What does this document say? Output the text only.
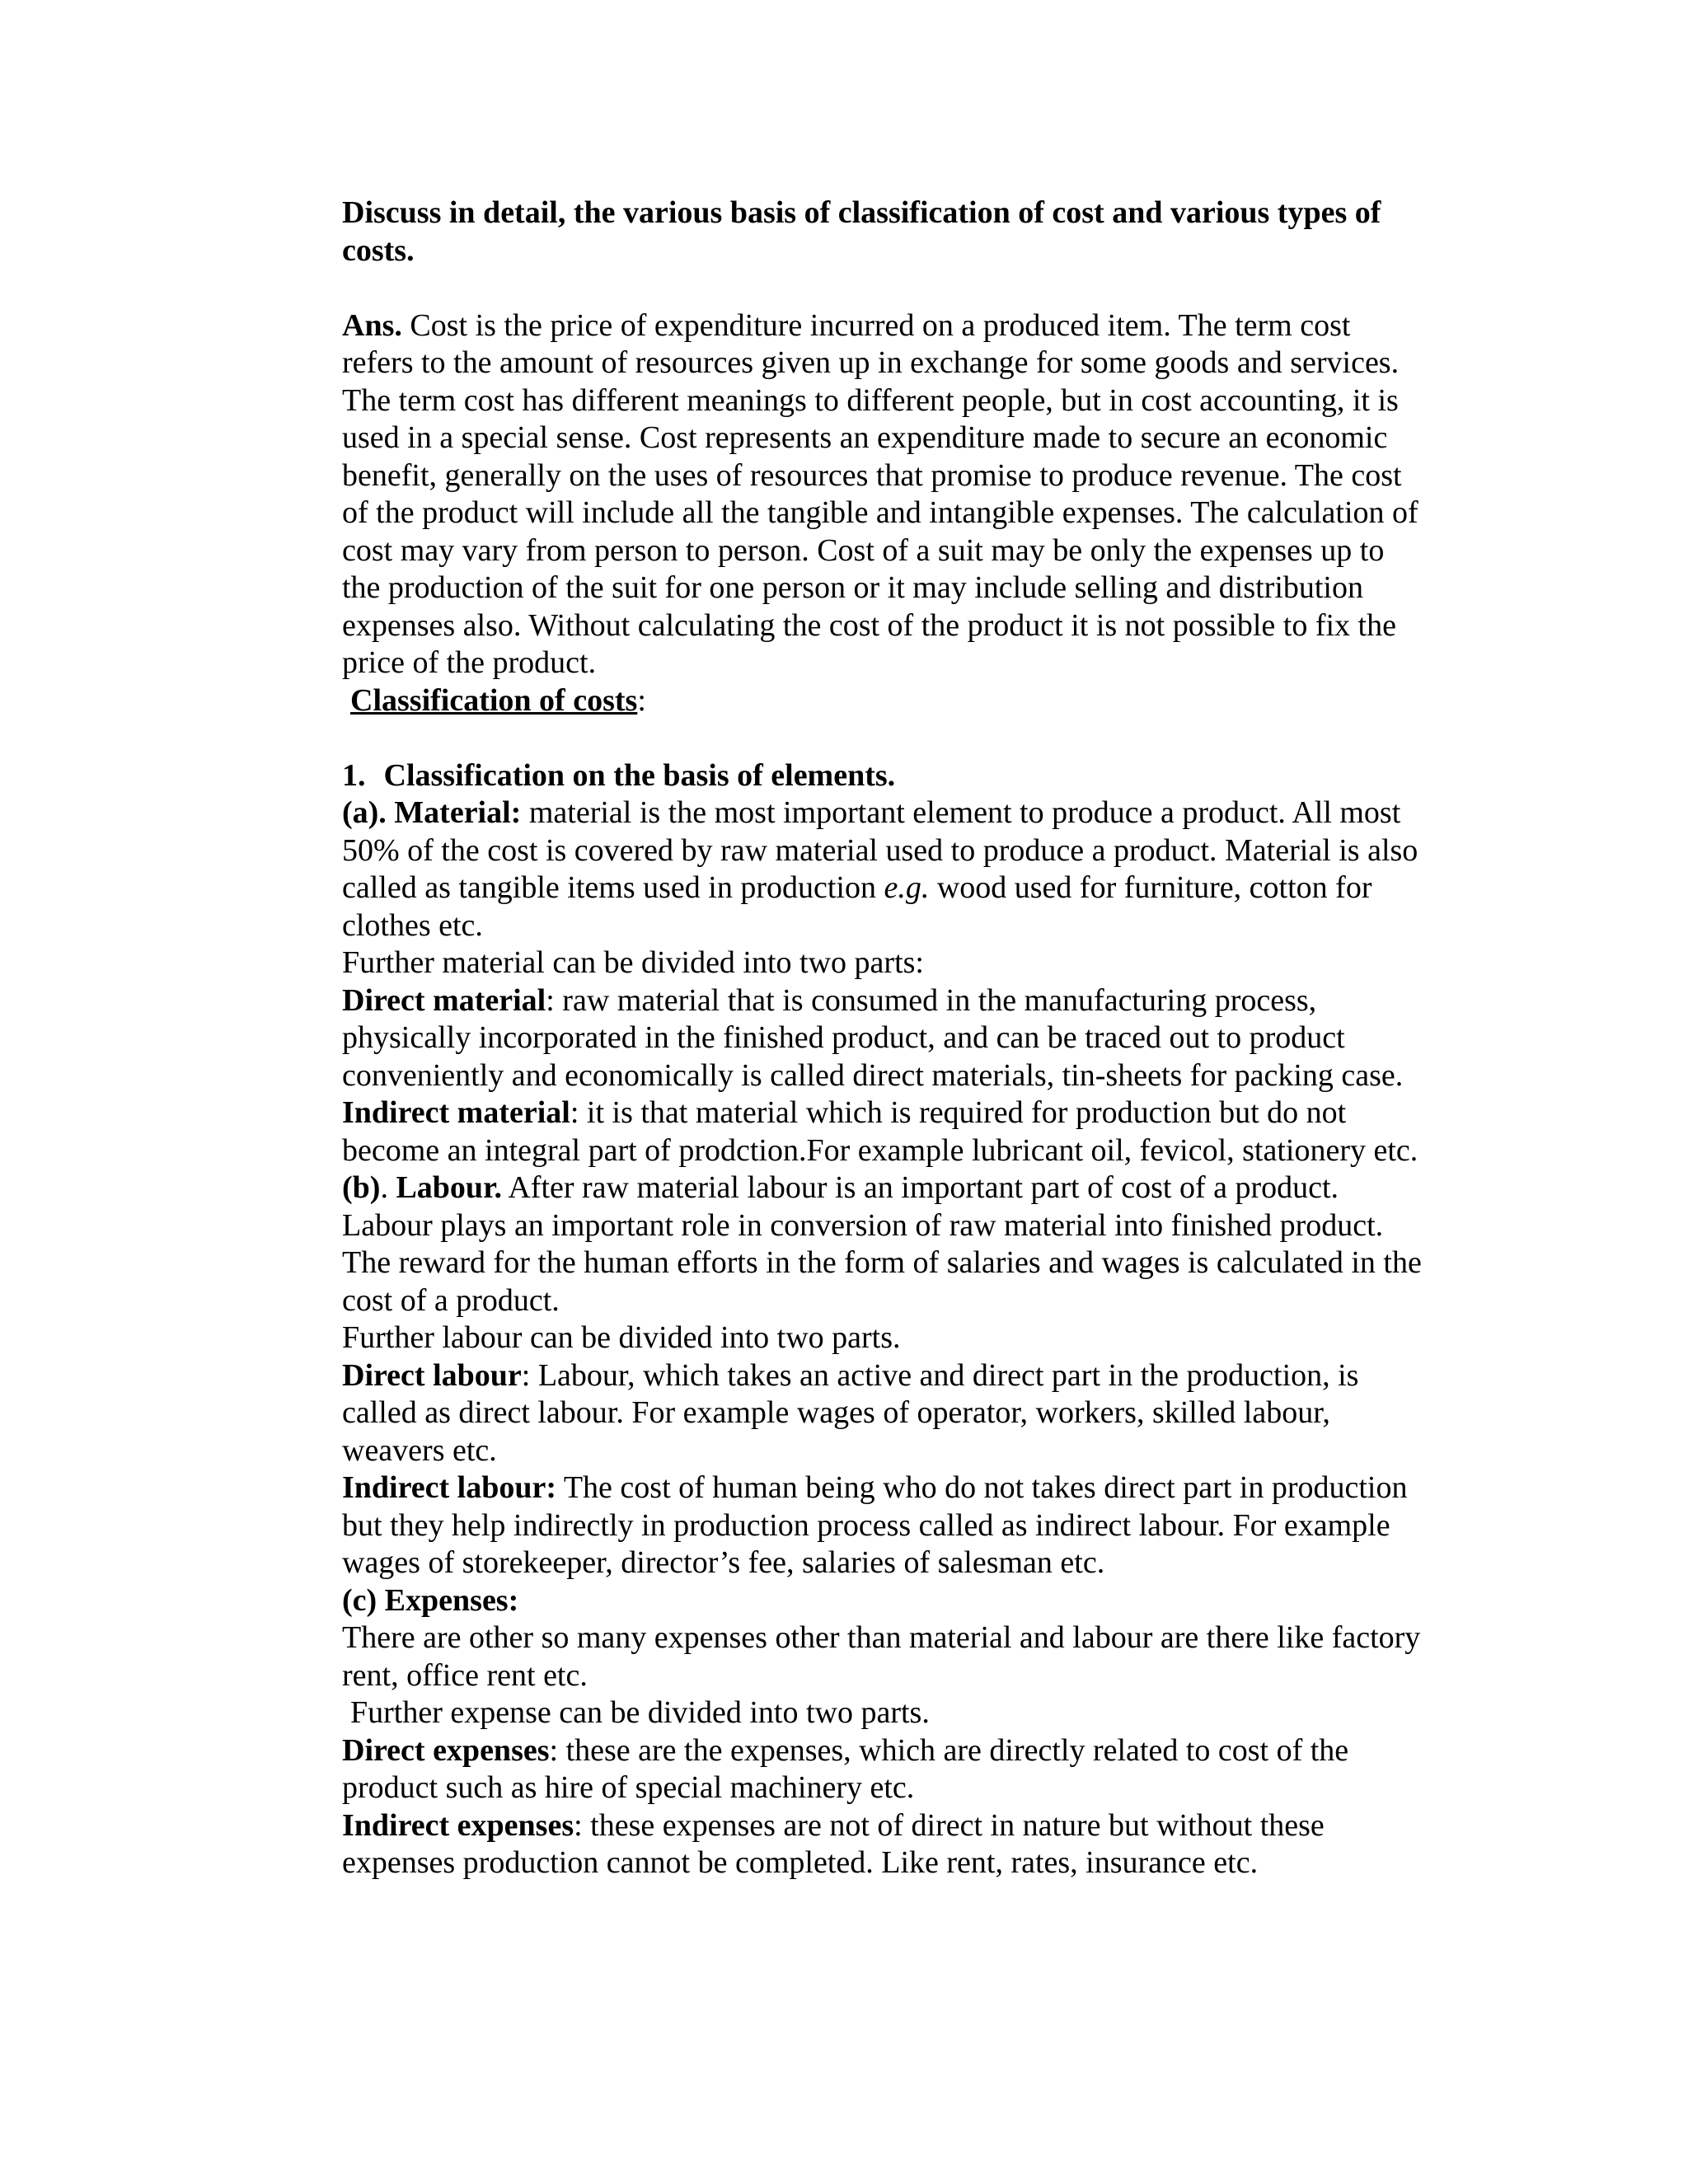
Discuss in detail, the various basis of classification of cost and various types of
costs.
Ans. Cost is the price of expenditure incurred on a produced item. The term cost
refers to the amount of resources given up in exchange for some goods and services.
The term cost has different meanings to different people, but in cost accounting, it is
used in a special sense. Cost represents an expenditure made to secure an economic
benefit, generally on the uses of resources that promise to produce revenue. The cost
of the product will include all the tangible and intangible expenses. The calculation of
cost may vary from person to person. Cost of a suit may be only the expenses up to
the production of the suit for one person or it may include selling and distribution
expenses also. Without calculating the cost of the product it is not possible to fix the
price of the product.
Classification of costs:
1. Classification on the basis of elements.
(a). Material: material is the most important element to produce a product. All most
50% of the cost is covered by raw material used to produce a product. Material is also
called as tangible items used in production e.g. wood used for furniture, cotton for
clothes etc.
Further material can be divided into two parts:
Direct material: raw material that is consumed in the manufacturing process,
physically incorporated in the finished product, and can be traced out to product
conveniently and economically is called direct materials, tin-sheets for packing case.
Indirect material: it is that material which is required for production but do not
become an integral part of prodction.For example lubricant oil, fevicol, stationery etc.
(b). Labour. After raw material labour is an important part of cost of a product.
Labour plays an important role in conversion of raw material into finished product.
The reward for the human efforts in the form of salaries and wages is calculated in the
cost of a product.
Further labour can be divided into two parts.
Direct labour: Labour, which takes an active and direct part in the production, is
called as direct labour. For example wages of operator, workers, skilled labour,
weavers etc.
Indirect labour: The cost of human being who do not takes direct part in production
but they help indirectly in production process called as indirect labour. For example
wages of storekeeper, director’s fee, salaries of salesman etc.
(c) Expenses:
There are other so many expenses other than material and labour are there like factory
rent, office rent etc.
Further expense can be divided into two parts.
Direct expenses: these are the expenses, which are directly related to cost of the
product such as hire of special machinery etc.
Indirect expenses: these expenses are not of direct in nature but without these
expenses production cannot be completed. Like rent, rates, insurance etc.
